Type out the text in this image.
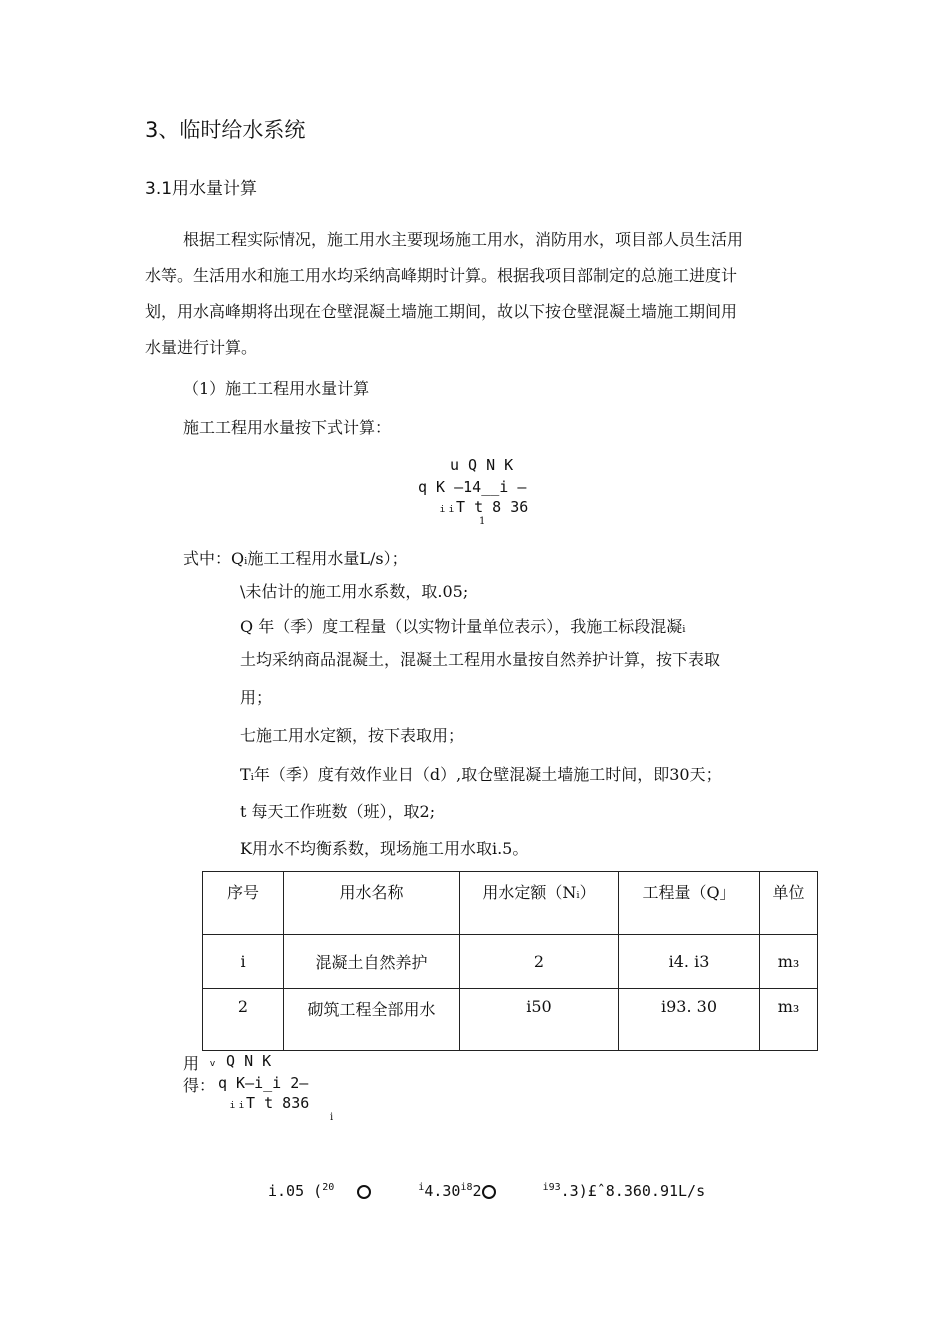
3、临时给水系统
3.1用水量计算

根据工程实际情况，施工用水主要现场施工用水，消防用水，项目部人员生活用

水等。生活用水和施工用水均采纳高峰期时计算。根据我项目部制定的总施工进度计

划，用水高峰期将出现在仓壁混凝土墙施工期间，故以下按仓壁混凝土墙施工期间用

水量进行计算。

（1）施工工程用水量计算
施工工程用水量按下式计算：
u Q N K
q K —14__i —
ᵢᵢT t 8 36
1
式中：Qᵢ施工工程用水量L/s）；
\未估计的施工用水系数，取.05;
Q 年（季）度工程量（以实物计量单位表示），我施工标段混凝ᵢ
土均采纳商品混凝土，混凝土工程用水量按自然养护计算，按下表取
用；
七施工用水定额，按下表取用；
Tᵢ年（季）度有效作业日（d）,取仓壁混凝土墙施工时间，即30天；
t 每天工作班数（班），取2;
K用水不均衡系数，现场施工用水取i.5。
序号	用水名称	用水定额（Nᵢ）	工程量（Q」	单位
i	混凝土自然养护	2	i4. i3	m₃
2	砌筑工程全部用水	i50	i93. 30	m₃
用 ᵥ Q N K
得： q K—i_i 2—
ᵢᵢT t 836
i
i.05 ($^{20}$	$^i4.30^{i8}2$	$^{i93}$.3)£ˆ8.360.91L/s
